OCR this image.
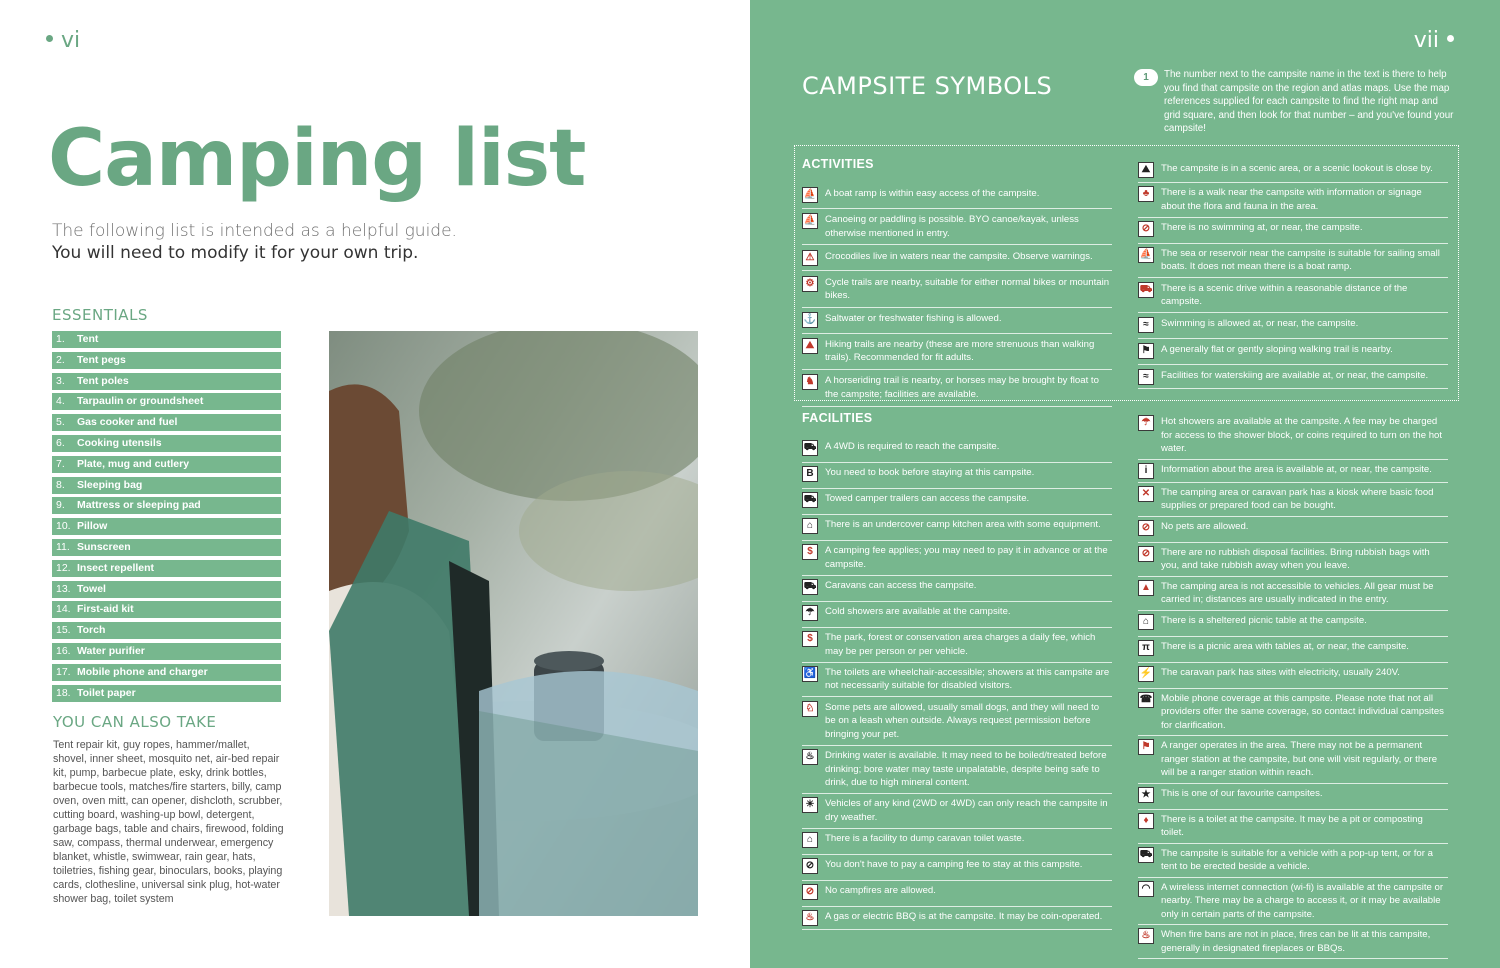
vi
Camping list
The following list is intended as a helpful guide.
You will need to modify it for your own trip.
ESSENTIALS
1.	Tent
2.	Tent pegs
3.	Tent poles
4.	Tarpaulin or groundsheet
5.	Gas cooker and fuel
6.	Cooking utensils
7.	Plate, mug and cutlery
8.	Sleeping bag
9.	Mattress or sleeping pad
10. Pillow
11. Sunscreen
12. Insect repellent
13. Towel
14. First-aid kit
15. Torch
16. Water purifier
17. Mobile phone and charger
18. Toilet paper
YOU CAN ALSO TAKE
Tent repair kit, guy ropes, hammer/mallet, shovel, inner sheet, mosquito net, air-bed repair kit, pump, barbecue plate, esky, drink bottles, barbecue tools, matches/fire starters, billy, camp oven, oven mitt, can opener, dishcloth, scrubber, cutting board, washing-up bowl, detergent, garbage bags, table and chairs, firewood, folding saw, compass, thermal underwear, emergency blanket, whistle, swimwear, rain gear, hats, toiletries, fishing gear, binoculars, books, playing cards, clothesline, universal sink plug, hot-water shower bag, toilet system
vii
CAMPSITE SYMBOLS	1	The number next to the campsite name in the text is there to help you find that campsite on the region and atlas maps. Use the map references supplied for each campsite to find the right map and grid square, and then look for that number – and you've found your campsite!
ACTIVITIES
⛵ A boat ramp is within easy access of the campsite.
⛵ Canoeing or paddling is possible. BYO canoe/kayak, unless otherwise mentioned in entry.
⚠	Crocodiles live in waters near the campsite. Observe warnings.
⚙	Cycle trails are nearby, suitable for either normal bikes or mountain bikes.
⚓ Saltwater or freshwater fishing is allowed.
⛰	Hiking trails are nearby (these are more strenuous than walking trails). Recommended for fit adults.
♞	A horseriding trail is nearby, or horses may be brought by float to the campsite; facilities are available.
⛰	The campsite is in a scenic area, or a scenic lookout is close by.
♣	There is a walk near the campsite with information or signage about the flora and fauna in the area.
⊘	There is no swimming at, or near, the campsite.
⛵ The sea or reservoir near the campsite is suitable for sailing small boats. It does not mean there is a boat ramp.
⛟ There is a scenic drive within a reasonable distance of the campsite.
≈	Swimming is allowed at, or near, the campsite.
⚑	A generally flat or gently sloping walking trail is nearby.
≈	Facilities for waterskiing are available at, or near, the campsite.
FACILITIES
⛟ A 4WD is required to reach the campsite.
B	You need to book before staying at this campsite.
⛟ Towed camper trailers can access the campsite.
⌂	There is an undercover camp kitchen area with some equipment.
$	A camping fee applies; you may need to pay it in advance or at the campsite.
⛟ Caravans can access the campsite.
☂	Cold showers are available at the campsite.
$	The park, forest or conservation area charges a daily fee, which may be per person or per vehicle.
♿ The toilets are wheelchair-accessible; showers at this campsite are not necessarily suitable for disabled visitors.
♘	Some pets are allowed, usually small dogs, and they will need to be on a leash when outside. Always request permission before bringing your pet.
♨	Drinking water is available. It may need to be boiled/treated before drinking; bore water may taste unpalatable, despite being safe to drink, due to high mineral content.
☀	Vehicles of any kind (2WD or 4WD) can only reach the campsite in dry weather.
⌂	There is a facility to dump caravan toilet waste.
⊘	You don't have to pay a camping fee to stay at this campsite.
⊘	No campfires are allowed.
♨	A gas or electric BBQ is at the campsite. It may be coin-operated.
☂	Hot showers are available at the campsite. A fee may be charged for access to the shower block, or coins required to turn on the hot water.
i	Information about the area is available at, or near, the campsite.
✕	The camping area or caravan park has a kiosk where basic food supplies or prepared food can be bought.
⊘	No pets are allowed.
⊘	There are no rubbish disposal facilities. Bring rubbish bags with you, and take rubbish away when you leave.
▲	The camping area is not accessible to vehicles. All gear must be carried in; distances are usually indicated in the entry.
⌂	There is a sheltered picnic table at the campsite.
π	There is a picnic area with tables at, or near, the campsite.
⚡ The caravan park has sites with electricity, usually 240V.
☎ Mobile phone coverage at this campsite. Please note that not all providers offer the same coverage, so contact individual campsites for clarification.
⚑	A ranger operates in the area. There may not be a permanent ranger station at the campsite, but one will visit regularly, or there will be a ranger station within reach.
★	This is one of our favourite campsites.
♦	There is a toilet at the campsite. It may be a pit or composting toilet.
⛟ The campsite is suitable for a vehicle with a pop-up tent, or for a tent to be erected beside a vehicle.
◠	A wireless internet connection (wi-fi) is available at the campsite or nearby. There may be a charge to access it, or it may be available only in certain parts of the campsite.
♨	When fire bans are not in place, fires can be lit at this campsite, generally in designated fireplaces or BBQs.
